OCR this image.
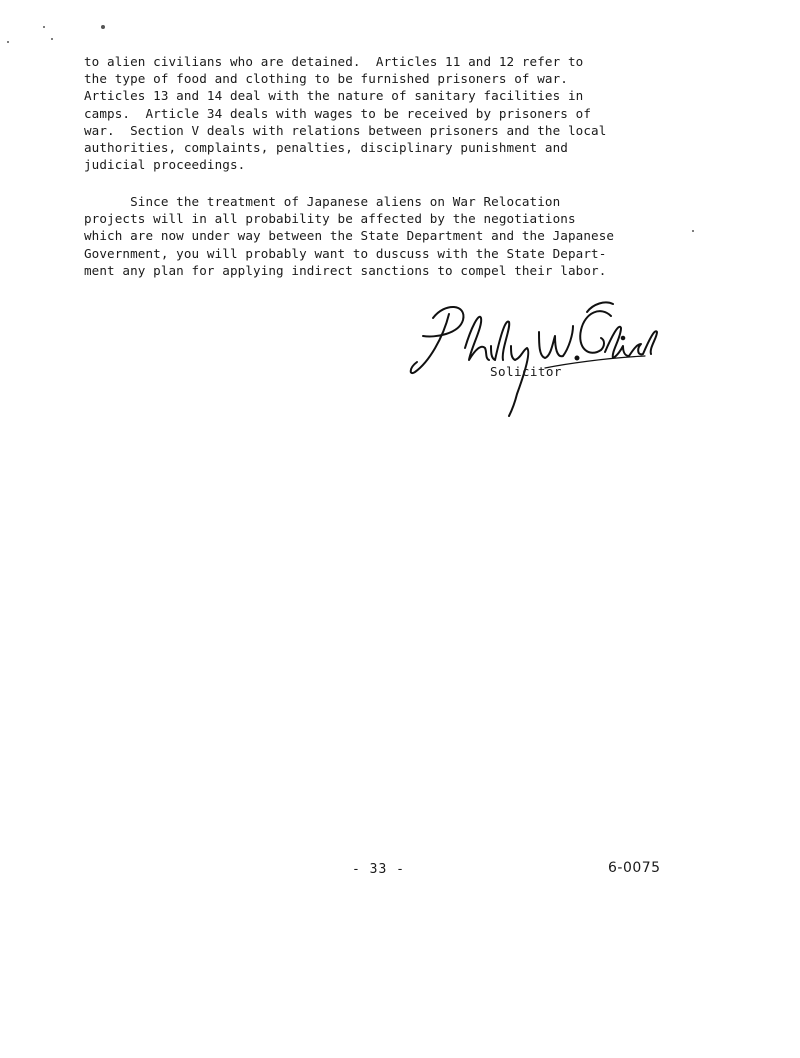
to alien civilians who are detained.  Articles 11 and 12 refer to
the type of food and clothing to be furnished prisoners of war.
Articles 13 and 14 deal with the nature of sanitary facilities in
camps.  Article 34 deals with wages to be received by prisoners of
war.  Section V deals with relations between prisoners and the local
authorities, complaints, penalties, disciplinary punishment and
judicial proceedings.
Since the treatment of Japanese aliens on War Relocation
projects will in all probability be affected by the negotiations
which are now under way between the State Department and the Japanese
Government, you will probably want to duscuss with the State Depart-
ment any plan for applying indirect sanctions to compel their labor.
Solicitor
- 33 -	6-0075
